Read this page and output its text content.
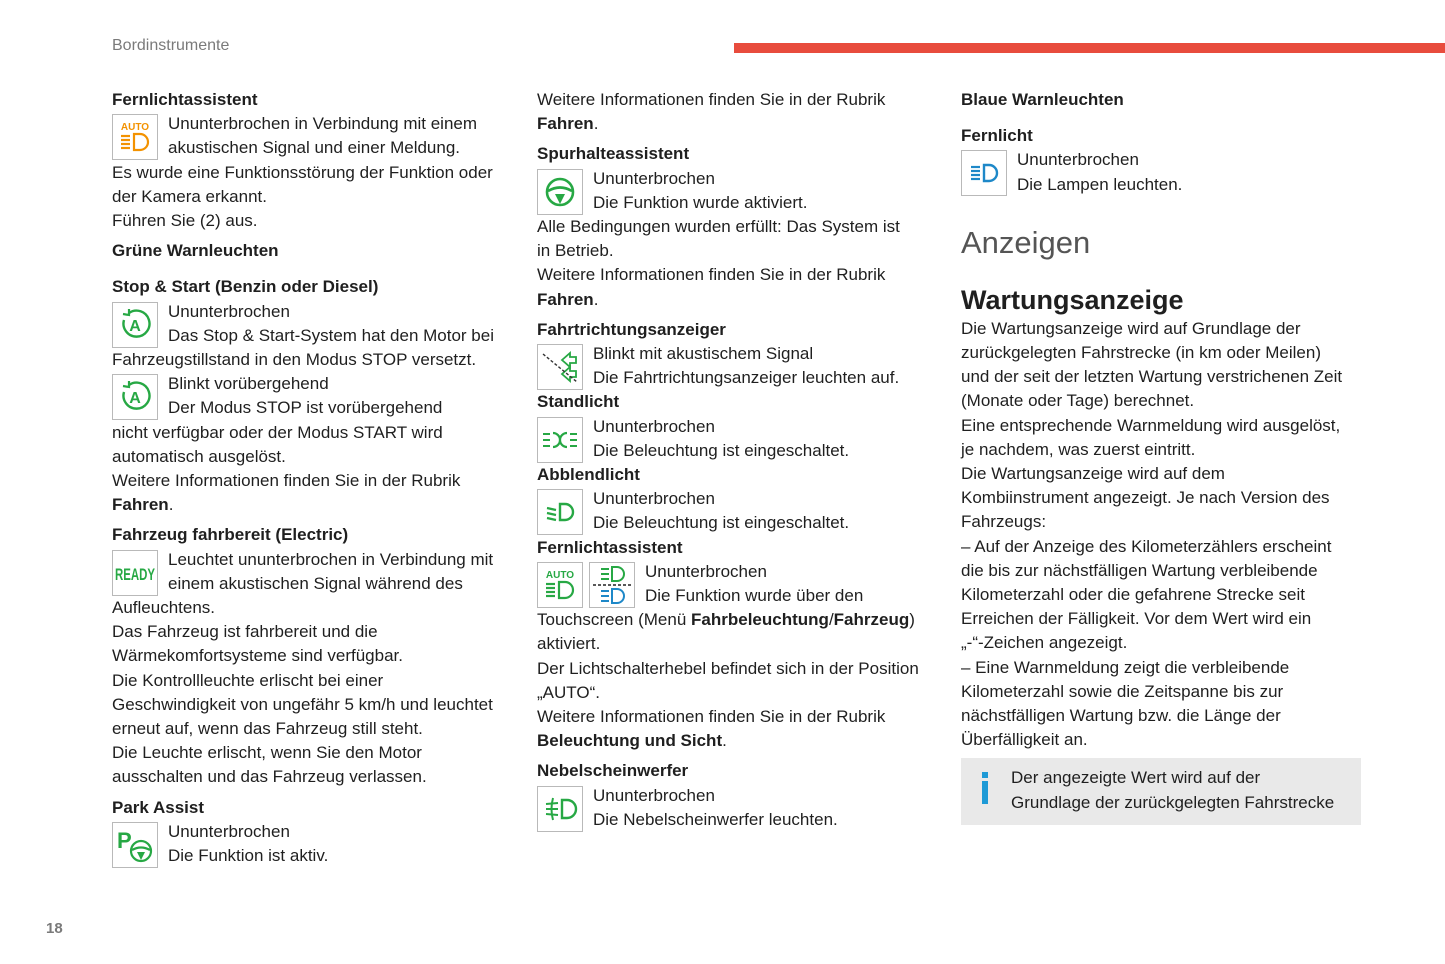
Bordinstrumente
18
Fernlichtassistent
AUTO	Ununterbrochen in Verbindung mit einem
akustischen Signal und einer Meldung.
Es wurde eine Funktionsstörung der Funktion oder
der Kamera erkannt.
Führen Sie (2) aus.
Grüne Warnleuchten
Stop & Start (Benzin oder Diesel)
A
Ununterbrochen
Das Stop & Start-System hat den Motor bei
Fahrzeugstillstand in den Modus STOP versetzt.
A
Blinkt vorübergehend
Der Modus STOP ist vorübergehend
nicht verfügbar oder der Modus START wird
automatisch ausgelöst.
Weitere Informationen finden Sie in der Rubrik
Fahren.
Fahrzeug fahrbereit (Electric)
READY
Leuchtet ununterbrochen in Verbindung mit
einem akustischen Signal während des
Aufleuchtens.
Das Fahrzeug ist fahrbereit und die
Wärmekomfortsysteme sind verfügbar.
Die Kontrollleuchte erlischt bei einer
Geschwindigkeit von ungefähr 5 km/h und leuchtet
erneut auf, wenn das Fahrzeug still steht.
Die Leuchte erlischt, wenn Sie den Motor
ausschalten und das Fahrzeug verlassen.
Park Assist
P	Ununterbrochen
Die Funktion ist aktiv.
Weitere Informationen finden Sie in der Rubrik
Fahren.
Spurhalteassistent
Ununterbrochen
Die Funktion wurde aktiviert.
Alle Bedingungen wurden erfüllt: Das System ist
in Betrieb.
Weitere Informationen finden Sie in der Rubrik
Fahren.
Fahrtrichtungsanzeiger
Blinkt mit akustischem Signal
Die Fahrtrichtungsanzeiger leuchten auf.
Standlicht
Ununterbrochen
Die Beleuchtung ist eingeschaltet.
Abblendlicht
Ununterbrochen
Die Beleuchtung ist eingeschaltet.
Fernlichtassistent
AUTO	Ununterbrochen
Die Funktion wurde über den
Touchscreen (Menü Fahrbeleuchtung/Fahrzeug)
aktiviert.
Der Lichtschalterhebel befindet sich in der Position
„AUTO“.
Weitere Informationen finden Sie in der Rubrik
Beleuchtung und Sicht.
Nebelscheinwerfer
Ununterbrochen
Die Nebelscheinwerfer leuchten.
Blaue Warnleuchten
Fernlicht
Ununterbrochen
Die Lampen leuchten.
Anzeigen
Wartungsanzeige
Die Wartungsanzeige wird auf Grundlage der
zurückgelegten Fahrstrecke (in km oder Meilen)
und der seit der letzten Wartung verstrichenen Zeit
(Monate oder Tage) berechnet.
Eine entsprechende Warnmeldung wird ausgelöst,
je nachdem, was zuerst eintritt.
Die Wartungsanzeige wird auf dem
Kombiinstrument angezeigt. Je nach Version des
Fahrzeugs:
– Auf der Anzeige des Kilometerzählers erscheint
die bis zur nächstfälligen Wartung verbleibende
Kilometerzahl oder die gefahrene Strecke seit
Erreichen der Fälligkeit. Vor dem Wert wird ein
„-“-Zeichen angezeigt.
– Eine Warnmeldung zeigt die verbleibende
Kilometerzahl sowie die Zeitspanne bis zur
nächstfälligen Wartung bzw. die Länge der
Überfälligkeit an.
Der angezeigte Wert wird auf der
Grundlage der zurückgelegten Fahrstrecke
